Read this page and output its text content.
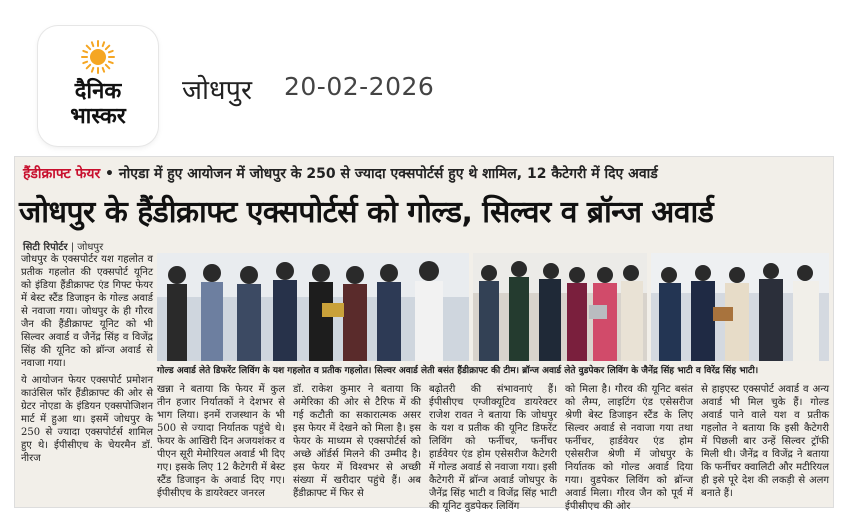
दैनिक
भास्कर
जोधपुर 20-02-2026
हैंडीक्राफ्ट फेयर • नोएडा में हुए आयोजन में जोधपुर के 250 से ज्यादा एक्सपोर्टर्स हुए थे शामिल, 12 कैटेगरी में दिए अवार्ड
जोधपुर के हैंडीक्राफ्ट एक्सपोर्टर्स को गोल्ड, सिल्वर व ब्रॉन्ज अवार्ड
सिटी रिपोर्टर | जोधपुर

जोधपुर के एक्सपोर्टर यश गहलोत व प्रतीक गहलोत की एक्सपोर्ट यूनिट को इंडिया हैंडीक्राफ्ट एंड गिफ्ट फेयर में बेस्ट स्टैंड डिजाइन के गोल्ड अवार्ड से नवाजा गया। जोधपुर के ही गौरव जैन की हैंडीक्राफ्ट यूनिट को भी सिल्वर अवार्ड व जैनेंद्र सिंह व विजेंद्र सिंह की यूनिट को ब्रॉन्ज अवार्ड से नवाजा गया।

ये आयोजन फेयर एक्सपोर्ट प्रमोशन काउंसिल फॉर हैंडीक्राफ्ट की ओर से ग्रेटर नोएडा के इंडियन एक्सपोजिशन मार्ट में हुआ था। इसमें जोधपुर के 250 से ज्यादा एक्सपोर्टर्स शामिल हुए थे। ईपीसीएच के चेयरमैन डॉ. नीरज

गोल्ड अवार्ड लेते डिफरेंट लिविंग के यश गहलोत व प्रतीक गहलोत। सिल्वर अवार्ड लेती बसंत हैंडीक्राफ्ट की टीम। ब्रॉन्ज अवार्ड लेते वुडपेकर लिविंग के जैनेंद्र सिंह भाटी व विरेंद्र सिंह भाटी।
खन्ना ने बताया कि फेयर में कुल तीन हजार निर्यातकों ने देशभर से भाग लिया। इनमें राजस्थान के भी 500 से ज्यादा निर्यातक पहुंचे थे। फेयर के आखिरी दिन अजयशंकर व पीएन सूरी मेमोरियल अवार्ड भी दिए गए। इसके लिए 12 कैटेगरी में बेस्ट स्टैंड डिजाइन के अवार्ड दिए गए। ईपीसीएच के डायरेक्टर जनरल
डॉ. राकेश कुमार ने बताया कि अमेरिका की ओर से टैरिफ में की गई कटौती का सकारात्मक असर इस फेयर में देखने को मिला है। इस फेयर के माध्यम से एक्सपोर्टर्स को अच्छे ऑर्डर्स मिलने की उम्मीद है। इस फेयर में विश्वभर से अच्छी संख्या में खरीदार पहुंचे हैं। अब हैंडीक्राफ्ट में फिर से
बढ़ोतरी की संभावनाएं हैं। ईपीसीएच एग्जीक्यूटिव डायरेक्टर राजेश रावत ने बताया कि जोधपुर के यश व प्रतीक की यूनिट डिफरेंट लिविंग को फर्नीचर, फर्नीचर हार्डवेयर एंड होम एसेसरीज कैटेगरी में गोल्ड अवार्ड से नवाजा गया। इसी कैटेगरी में ब्रॉन्ज अवार्ड जोधपुर के जैनेंद्र सिंह भाटी व विजेंद्र सिंह भाटी की यूनिट वुडपेकर लिविंग
को मिला है। गौरव की यूनिट बसंत को लैम्प, लाइटिंग एंड एसेसरीज श्रेणी बेस्ट डिजाइन स्टैंड के लिए सिल्वर अवार्ड से नवाजा गया तथा फर्नीचर, हार्डवेयर एंड होम एसेसरीज श्रेणी में जोधपुर के निर्यातक को गोल्ड अवार्ड दिया गया। वुडपेकर लिविंग को ब्रॉन्ज अवार्ड मिला। गौरव जैन को पूर्व में ईपीसीएच की ओर
से हाइएस्ट एक्सपोर्ट अवार्ड व अन्य अवार्ड भी मिल चुके हैं। गोल्ड अवार्ड पाने वाले यश व प्रतीक गहलोत ने बताया कि इसी कैटेगरी में पिछली बार उन्हें सिल्वर ट्रॉफी मिली थी। जैनेंद्र व विजेंद्र ने बताया कि फर्नीचर क्वालिटी और मटीरियल ही इसे पूरे देश की लकड़ी से अलग बनाते हैं।
